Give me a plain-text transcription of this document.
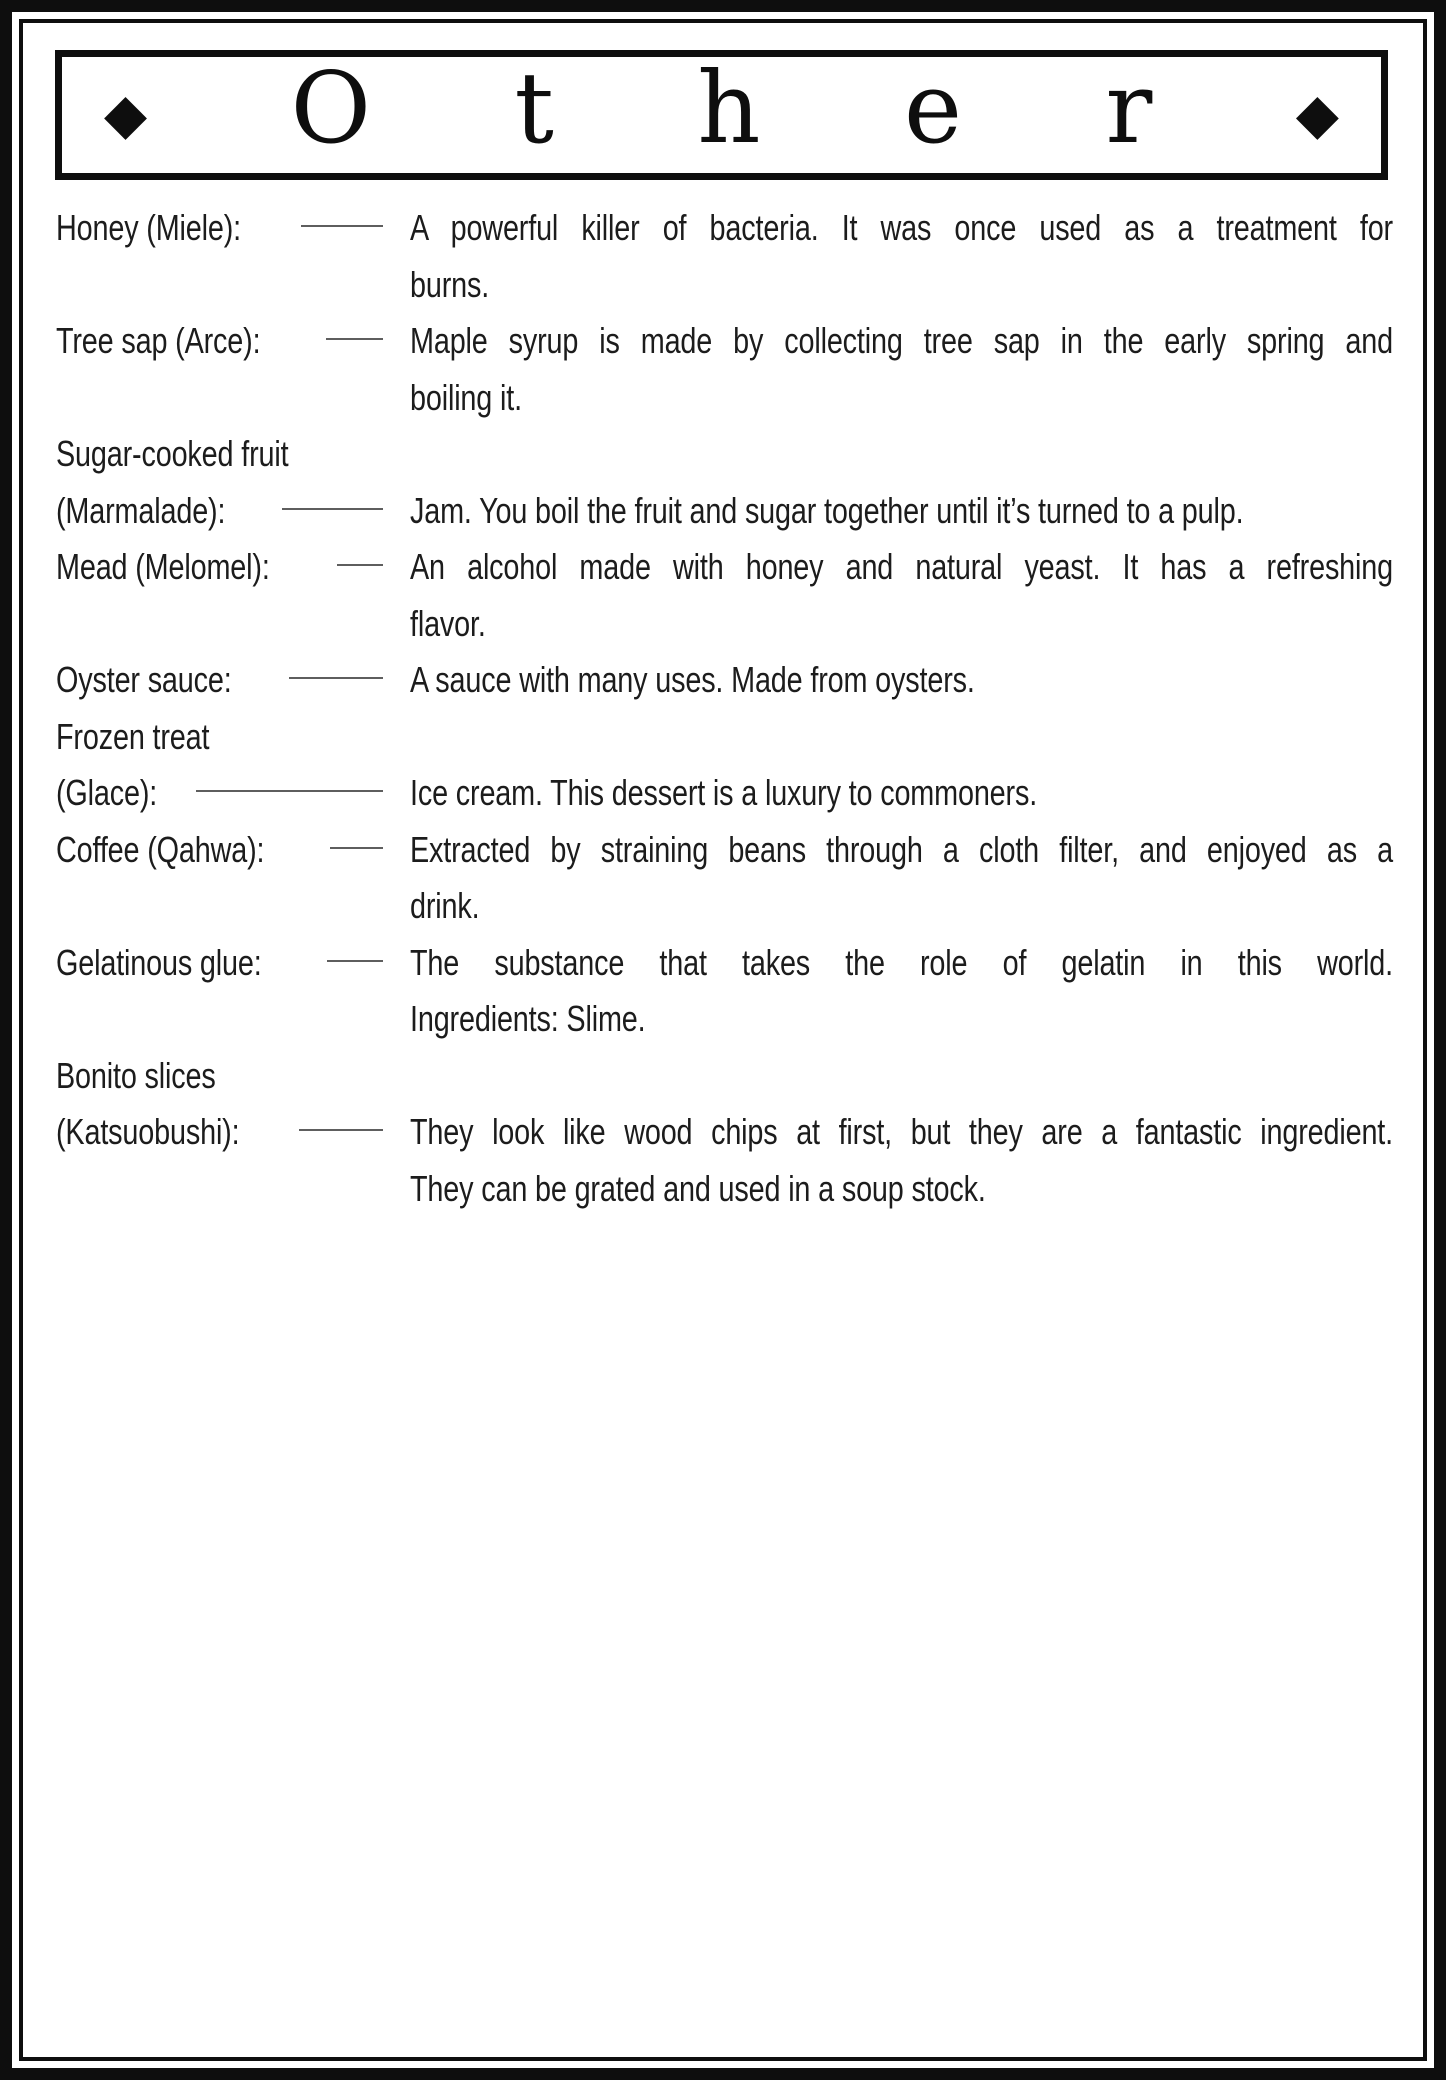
◆ O t h e r	◆
Honey (Miele):	A powerful killer of bacteria. It was once used as a treatment for
burns.
Tree sap (Arce):	Maple syrup is made by collecting tree sap in the early spring and
boiling it.
Sugar-cooked fruit
(Marmalade):	Jam. You boil the fruit and sugar together until it’s turned to a pulp.
Mead (Melomel):	An alcohol made with honey and natural yeast. It has a refreshing
flavor.
Oyster sauce:	A sauce with many uses. Made from oysters.
Frozen treat
(Glace):	Ice cream. This dessert is a luxury to commoners.
Coffee (Qahwa):	Extracted by straining beans through a cloth filter, and enjoyed as a
drink.
Gelatinous glue:	The substance that takes the role of gelatin in this world.
Ingredients: Slime.
Bonito slices
(Katsuobushi):	They look like wood chips at first, but they are a fantastic ingredient.
They can be grated and used in a soup stock.
